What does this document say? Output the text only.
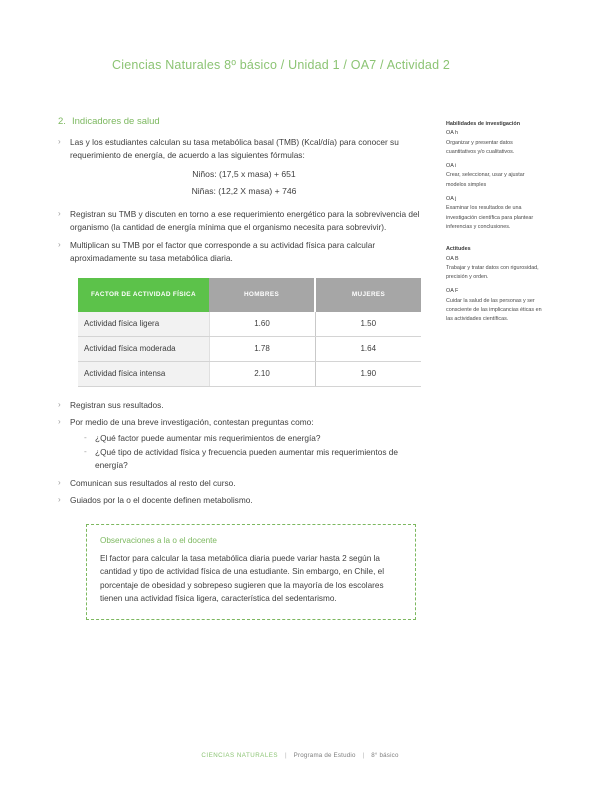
Ciencias Naturales 8º básico / Unidad 1 / OA7 / Actividad 2
2. Indicadores de salud
› Las y los estudiantes calculan su tasa metabólica basal (TMB) (Kcal/día) para conocer su requerimiento de energía, de acuerdo a las siguientes fórmulas:
Niños: (17,5 x masa) + 651
Niñas: (12,2 X masa) + 746
› Registran su TMB y discuten en torno a ese requerimiento energético para la sobrevivencia del organismo (la cantidad de energía mínima que el organismo necesita para sobrevivir).
› Multiplican su TMB por el factor que corresponde a su actividad física para calcular aproximadamente su tasa metabólica diaria.
FACTOR DE ACTIVIDAD FÍSICA	HOMBRES	MUJERES
Actividad física ligera	1.60	1.50
Actividad física moderada	1.78	1.64
Actividad física intensa	2.10	1.90
› Registran sus resultados.
› Por medio de una breve investigación, contestan preguntas como:
- ¿Qué factor puede aumentar mis requerimientos de energía?
- ¿Qué tipo de actividad física y frecuencia pueden aumentar mis requerimientos de energía?
› Comunican sus resultados al resto del curso.
› Guiados por la o el docente definen metabolismo.
Observaciones a la o el docente
El factor para calcular la tasa metabólica diaria puede variar hasta 2 según la cantidad y tipo de actividad física de una estudiante. Sin embargo, en Chile, el porcentaje de obesidad y sobrepeso sugieren que la mayoría de los escolares tienen una actividad física ligera, característica del sedentarismo.
Habilidades de investigación
OA h
Organizar y presentar datos cuantitativos y/o cualitativos.
OA i
Crear, seleccionar, usar y ajustar modelos simples
OA j
Examinar los resultados de una investigación científica para plantear inferencias y conclusiones.
Actitudes
OA B
Trabajar y tratar datos con rigurosidad, precisión y orden.
OA F
Cuidar la salud de las personas y ser consciente de las implicancias éticas en las actividades científicas.
CIENCIAS NATURALES | Programa de Estudio | 8° básico
